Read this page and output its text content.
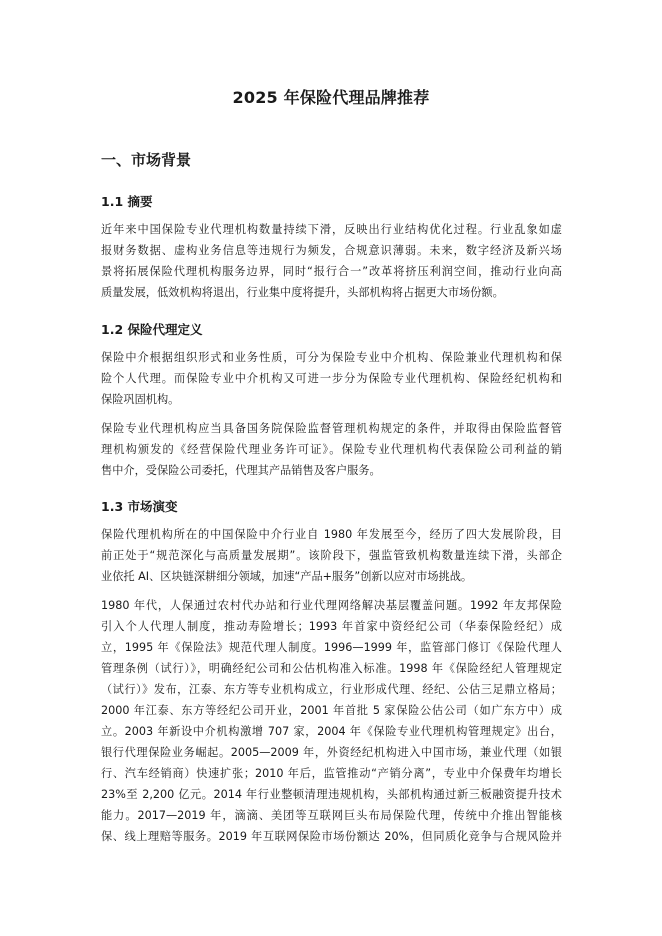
2025 年保险代理品牌推荐
一、市场背景
1.1 摘要
近年来中国保险专业代理机构数量持续下滑，反映出行业结构优化过程。行业乱象如虚
报财务数据、虚构业务信息等违规行为频发，合规意识薄弱。未来，数字经济及新兴场
景将拓展保险代理机构服务边界，同时“报行合一”改革将挤压利润空间，推动行业向高
质量发展，低效机构将退出，行业集中度将提升，头部机构将占据更大市场份额。
1.2 保险代理定义
保险中介根据组织形式和业务性质，可分为保险专业中介机构、保险兼业代理机构和保
险个人代理。而保险专业中介机构又可进一步分为保险专业代理机构、保险经纪机构和
保险巩固机构。
保险专业代理机构应当具备国务院保险监督管理机构规定的条件，并取得由保险监督管
理机构颁发的《经营保险代理业务许可证》。保险专业代理机构代表保险公司利益的销
售中介，受保险公司委托，代理其产品销售及客户服务。
1.3 市场演变
保险代理机构所在的中国保险中介行业自 1980 年发展至今，经历了四大发展阶段，目
前正处于“规范深化与高质量发展期”。该阶段下，强监管致机构数量连续下滑，头部企
业依托 AI、区块链深耕细分领域，加速“产品+服务”创新以应对市场挑战。
1980 年代，人保通过农村代办站和行业代理网络解决基层覆盖问题。1992 年友邦保险
引入个人代理人制度，推动寿险增长；1993 年首家中资经纪公司（华泰保险经纪）成
立，1995 年《保险法》规范代理人制度。1996—1999 年，监管部门修订《保险代理人
管理条例（试行）》，明确经纪公司和公估机构准入标准。1998 年《保险经纪人管理规定
（试行）》发布，江泰、东方等专业机构成立，行业形成代理、经纪、公估三足鼎立格局；
2000 年江泰、东方等经纪公司开业，2001 年首批 5 家保险公估公司（如广东方中）成
立。2003 年新设中介机构激增 707 家，2004 年《保险专业代理机构管理规定》出台，
银行代理保险业务崛起。2005—2009 年，外资经纪机构进入中国市场，兼业代理（如银
行、汽车经销商）快速扩张；2010 年后，监管推动“产销分离”，专业中介保费年均增长
23%至 2,200 亿元。2014 年行业整顿清理违规机构，头部机构通过新三板融资提升技术
能力。2017—2019 年，滴滴、美团等互联网巨头布局保险代理，传统中介推出智能核
保、线上理赔等服务。2019 年互联网保险市场份额达 20%，但同质化竞争与合规风险并
